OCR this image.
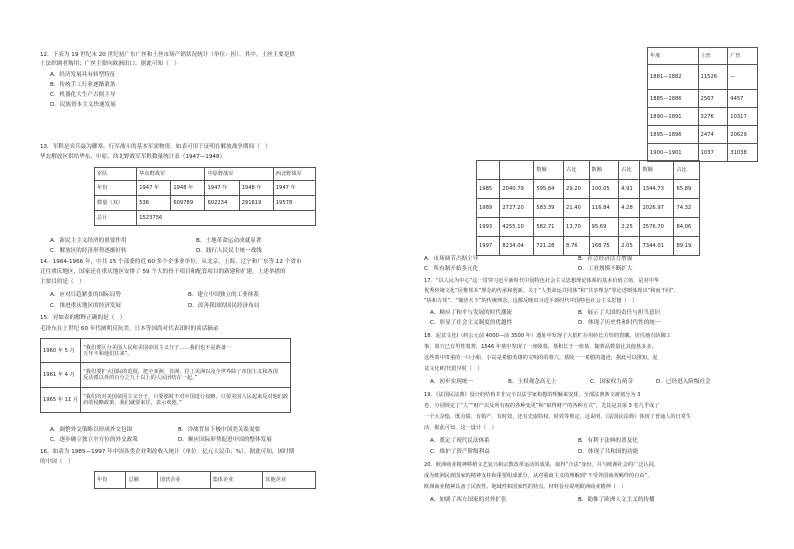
12．下表为 19 世纪末 20 世纪初广东广丝和土丝市场产销状况统计（单位：担）。其中，土丝主要是供
土法织绸者购用；广丝主要向欧洲出口。据此可知（　）
A．经济发展具有转型特征
B．传统手工行业逐渐萧条
C．机器化大生产占据主导
D．民族资本主义快速发展
13．军鞋是宾兵最为御寒、行军战斗的基本军需物资。如表可用于证明在解放战争期间（　）
华北解放区供给华东、中原、西北野战军军鞋数量统计表（1947—1948）
军队	华东野战军		中原野战军		西北野战军
年份	1947 年	1948 年	1947 年	1948 年	1947 年
数量（双）	536	609789	602234	291619	19578
总计	1523756				
A．新民主主义经济的重要作用	B．土地革命运动成就显著
C．解放区的经济形势逐渐好转	D．践行人民民主统一战线
14．1964-1966 年，中共 15 个部委的近 60 多个企事业单位，从北京、上海、辽宁和广东等 12 个省市
迁往重庆地区，国家还在重庆地区安排了 59 个大的骨干项目和配套项目的新建和扩建。上述举措的
主要目的是（　）
A．应对日趋紧张的国际局势	B．建立中国独立的工业体系
C．推进重庆地区的经济发展	D．改善我国的国民经济布局
15．对如表的解释正确的是（　）
毛泽东在上世纪 60 年代阐明反抗美、日本等国尚对代表团时的谈话摘录
1960 年 5 月	“我们要区分美国人民和美国帝国主义分子……我们也不是准备一
万年不和他们往来”。

1961 年 4 月	“我们要扩大国际的范围，把全亚洲、非洲、拉丁美洲以及全世界除了帝国主义和各国
反动派以外的百分之九十以上的人民团结在一起。”

1965 年 11 月	“我们的对美国帝国主义分子，只要那时不对中国进行侵略，只要美国人民起来反对他们政
府的侵略政策，我们就要来往，表示欢迎。”
A．调整外交策略以形成外交包围	B．冷战背景下极中国美关系需要
C．逐步确立独立全方位的外交政策	D．顺应国际形势促进中国的整体发展
16．如表为 1985—1997 年中国各类企业利改收入统计（单位：亿元人民币；%）。据此可知，该时期
的中国（　）
年份	总额	国营企业	集体企业	其他企业
年度	土丝	广丝
1881—1882	11526	—
1885—1886	2567	4457
1890—1891	3276	10317
1895—1896	2474	20629
1900—1901	1037	31038
		数额	占比	数额	占比	数额	占比
1985	2040.79	595.84	29.20	100.05	4.91	1344.73	65.89
1989	2727.20	583.39	21.40	116.84	4.28	2026.97	74.32
1993	4255.10	582.71	13.70	95.69	2.25	3576.70	84.06
1997	8234.04	721.28	8.76	168.75	2.05	7344.01	89.19
A．市场调节占据主导	B．社会经济活力增强
C．所有制开始多元化	D．工业规模不断扩大
17．“以人民为中心”这一贯穿习近平新时代中国特色社会主义思想理论体系的基本价值立场，是对中华
优秀传统文化“民惟邦本”理念的传承和创新。关于“人类命运共同体”和“共享理念”等论述则体现出“和而不同”、
“协和万邦”、“兼济天下”的传统理念，这都反映出习近平新时代中国特色社会主义思想（　）
A．顺应了和平与发展的时代潮流	B．展示了大国的责任与担当意识
C．彰显了社会主义制度的优越性	D．体现了历史性和时代性的统一
18．泥盆文化Ⅰ（约公元前 4000—前 3500 年）遗址中发现了大批贮存用砖长方形的窖藏，居住地有防御工
事，墓穴已有男性墓葬，1546 年墓中发现了一座陵墓，墓积长于一座墓，随葬品数量比其他墓多多，
这些墓中贵重的一只小船，小岛是希腊英雄的文明的的墓穴。墓陵一一希腊的遗迹，据此可以推知，泥
盆文化Ⅰ时代很早时（　）
A．初步实现统一	B．王权观念高无上	C．国家权力萌芽	D．已经进入阶级社会
19．《法国民法典》设计的结构并非完全以法学家构想的理解来安排，全部法典条文被划分为 3
卷，分别规定了“人”“财产以及所有权的各种变更”和“取得财产的各种方式”，尤其是其第 3 卷几乎成了
一个大杂烩，既有债、有婚产、有时效，还有先取特权、时效等规定，这说明，《法国民法典》体现了普通人的日常生
活，据此可知，这一设计（　）
A．奠定了现代民法体系	B．有利于法典的普及化
C．维护了资产阶级利益	D．体现了共和国的功能
20．欧洲商业精神移植文艺复兴和宗教改革运动的成果，取得“合法”身份，并与欧洲社会的广泛认同，
成为欧洲民族国家的精神支柱和重要组成部分，从对重商主义的理解到“不受外国商务羁绊的自由”，
欧洲商业精神具备了民族性、地域性和国家性的特点。材料旨在说明欧洲商业精神（　）
A．加剧了西方国家的对外扩张	B．助推了欧洲人文主义的传播
